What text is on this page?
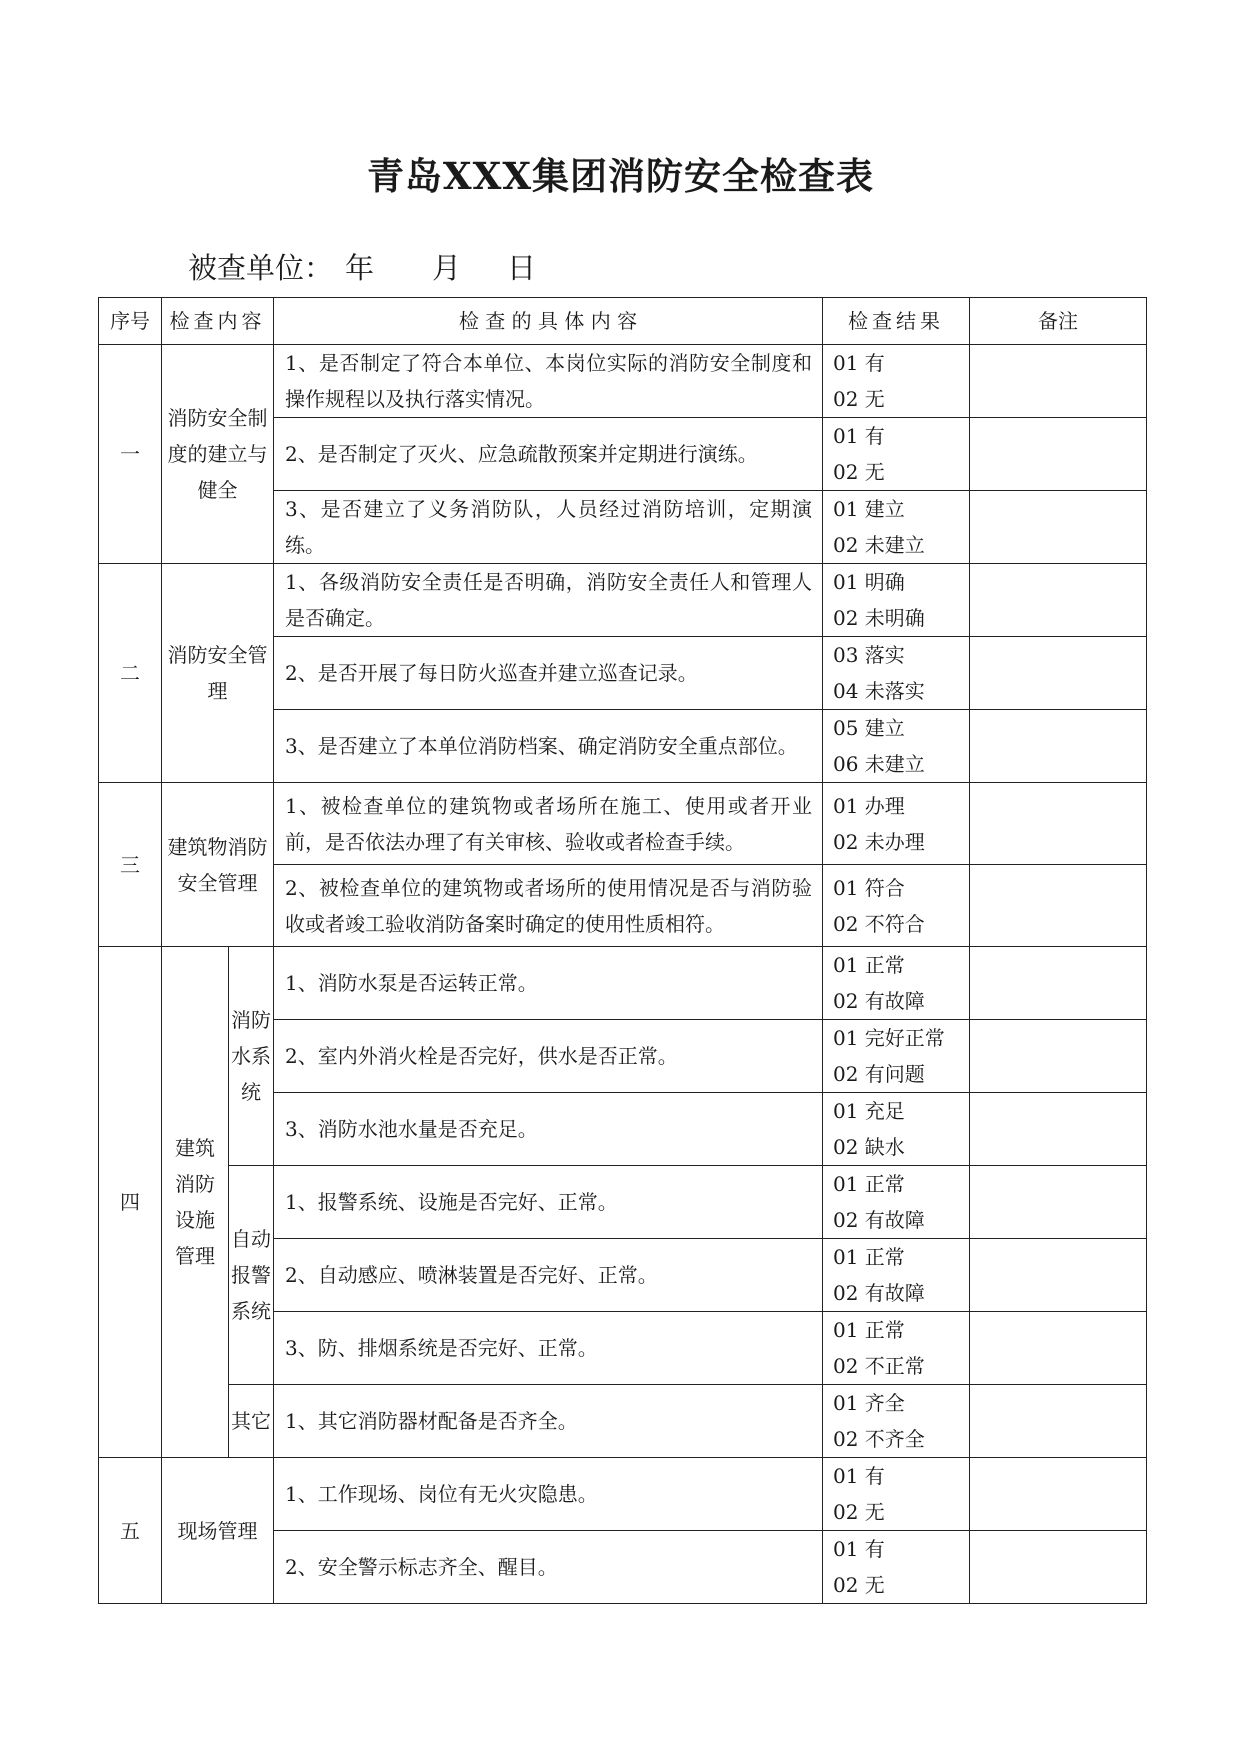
青岛XXX集团消防安全检查表
被查单位： 年 月 日
序号	检查内容		检 查 的 具 体 内 容	检查结果	备注
一	消防安全制度的建立与健全		1、是否制定了符合本单位、本岗位实际的消防安全制度和操作规程以及执行落实情况。	01 有
02 无	

			2、是否制定了灭火、应急疏散预案并定期进行演练。	01 有
02 无	

			3、是否建立了义务消防队，人员经过消防培训，定期演练。	01 建立
02 未建立	

二	消防安全管理		1、各级消防安全责任是否明确，消防安全责任人和管理人是否确定。	01 明确
02 未明确	

			2、是否开展了每日防火巡查并建立巡查记录。	03 落实
04 未落实	

			3、是否建立了本单位消防档案、确定消防安全重点部位。	05 建立
06 未建立	

三	建筑物消防安全管理		1、被检查单位的建筑物或者场所在施工、使用或者开业前，是否依法办理了有关审核、验收或者检查手续。	01 办理
02 未办理	

			2、被检查单位的建筑物或者场所的使用情况是否与消防验收或者竣工验收消防备案时确定的使用性质相符。	01 符合
02 不符合	

四	建筑消防设施管理	消防水系统	1、消防水泵是否运转正常。	01 正常
02 有故障	

			2、室内外消火栓是否完好，供水是否正常。	01 完好正常
02 有问题	

			3、消防水池水量是否充足。	01 充足
02 缺水	

		自动报警系统	1、报警系统、设施是否完好、正常。	01 正常
02 有故障	

			2、自动感应、喷淋装置是否完好、正常。	01 正常
02 有故障	

			3、防、排烟系统是否完好、正常。	01 正常
02 不正常	

		其它	1、其它消防器材配备是否齐全。	01 齐全
02 不齐全	

五	现场管理		1、工作现场、岗位有无火灾隐患。	01 有
02 无	

			2、安全警示标志齐全、醒目。	01 有
02 无	
